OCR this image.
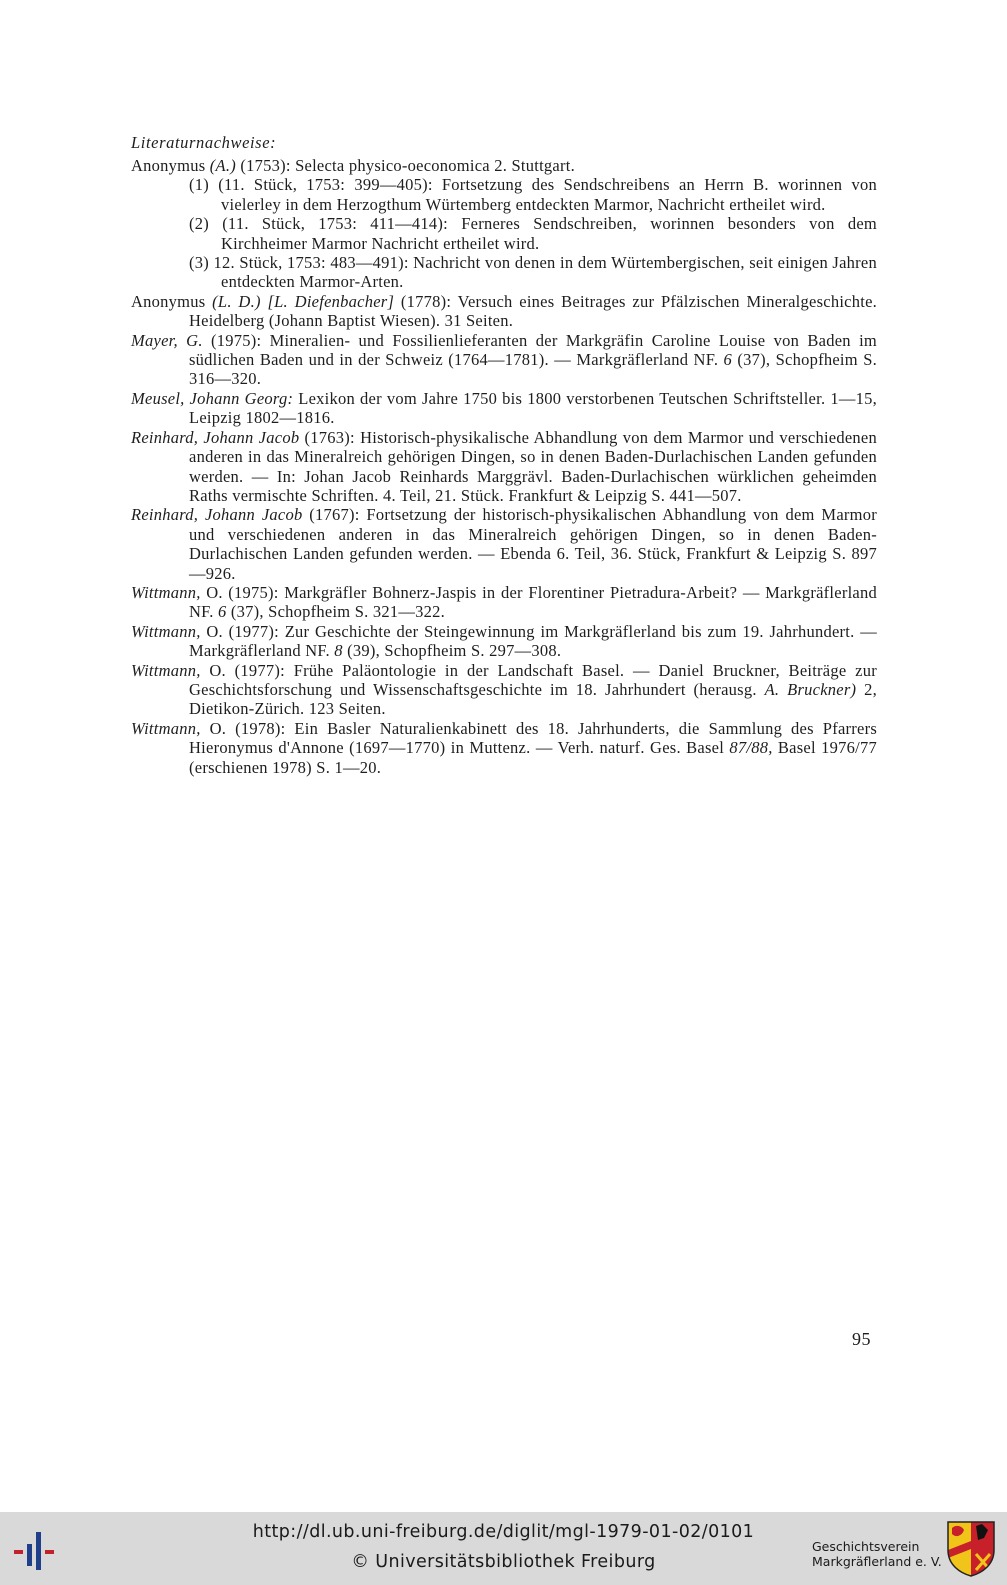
Literaturnachweise:

Anonymus (A.) (1753): Selecta physico-oeconomica 2. Stuttgart.

(1) (11. Stück, 1753: 399—405): Fortsetzung des Sendschreibens an Herrn B. worinnen von vielerley in dem Herzogthum Würtemberg entdeckten Marmor, Nachricht ertheilet wird.

(2) (11. Stück, 1753: 411—414): Ferneres Sendschreiben, worinnen besonders von dem Kirchheimer Marmor Nachricht ertheilet wird.

(3) 12. Stück, 1753: 483—491): Nachricht von denen in dem Würtembergischen, seit einigen Jahren entdeckten Marmor-Arten.

Anonymus (L. D.) [L. Diefenbacher] (1778): Versuch eines Beitrages zur Pfälzischen Mineralgeschichte. Heidelberg (Johann Baptist Wiesen). 31 Seiten.

Mayer, G. (1975): Mineralien- und Fossilienlieferanten der Markgräfin Caroline Louise von Baden im südlichen Baden und in der Schweiz (1764—1781). — Markgräflerland NF. 6 (37), Schopfheim S. 316—320.

Meusel, Johann Georg: Lexikon der vom Jahre 1750 bis 1800 verstorbenen Teutschen Schriftsteller. 1—15, Leipzig 1802—1816.

Reinhard, Johann Jacob (1763): Historisch-physikalische Abhandlung von dem Marmor und verschiedenen anderen in das Mineralreich gehörigen Dingen, so in denen Baden-Durlachischen Landen gefunden werden. — In: Johan Jacob Reinhards Marggrävl. Baden-Durlachischen würklichen geheimden Raths vermischte Schriften. 4. Teil, 21. Stück. Frankfurt & Leipzig S. 441—507.

Reinhard, Johann Jacob (1767): Fortsetzung der historisch-physikalischen Abhandlung von dem Marmor und verschiedenen anderen in das Mineralreich gehörigen Dingen, so in denen Baden-Durlachischen Landen gefunden werden. — Ebenda 6. Teil, 36. Stück, Frankfurt & Leipzig S. 897—926.

Wittmann, O. (1975): Markgräfler Bohnerz-Jaspis in der Florentiner Pietradura-Arbeit? — Markgräflerland NF. 6 (37), Schopfheim S. 321—322.

Wittmann, O. (1977): Zur Geschichte der Steingewinnung im Markgräflerland bis zum 19. Jahrhundert. — Markgräflerland NF. 8 (39), Schopfheim S. 297—308.

Wittmann, O. (1977): Frühe Paläontologie in der Landschaft Basel. — Daniel Bruckner, Beiträge zur Geschichtsforschung und Wissenschaftsgeschichte im 18. Jahrhundert (herausg. A. Bruckner) 2, Dietikon-Zürich. 123 Seiten.

Wittmann, O. (1978): Ein Basler Naturalienkabinett des 18. Jahrhunderts, die Sammlung des Pfarrers Hieronymus d'Annone (1697—1770) in Muttenz. — Verh. naturf. Ges. Basel 87/88, Basel 1976/77 (erschienen 1978) S. 1—20.

95
http://dl.ub.uni-freiburg.de/diglit/mgl-1979-01-02/0101
© Universitätsbibliothek Freiburg
Geschichtsverein
Markgräflerland e. V.
